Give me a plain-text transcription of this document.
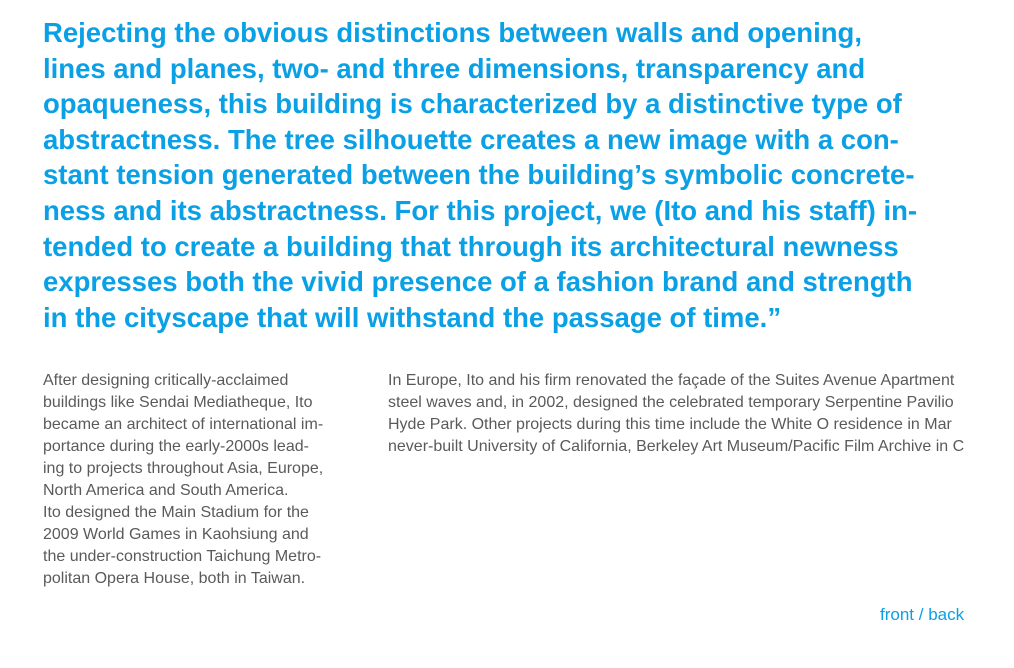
Rejecting the obvious distinctions between walls and opening,
lines and planes, two- and three dimensions, transparency and
opaqueness, this building is characterized by a distinctive type of
abstractness. The tree silhouette creates a new image with a con-
stant tension generated between the building’s symbolic concrete-
ness and its abstractness. For this project, we (Ito and his staff) in-
tended to create a building that through its architectural newness
expresses both the vivid presence of a fashion brand and strength
in the cityscape that will withstand the passage of time.”
After designing critically-acclaimed
buildings like Sendai Mediatheque, Ito
became an architect of international im-
portance during the early-2000s lead-
ing to projects throughout Asia, Europe,
North America and South America.
Ito designed the Main Stadium for the
2009 World Games in Kaohsiung and
the under-construction Taichung Metro-
politan Opera House, both in Taiwan.
In Europe, Ito and his firm renovated the façade of the Suites Avenue Apartment
steel waves and, in 2002, designed the celebrated temporary Serpentine Pavilio
Hyde Park. Other projects during this time include the White O residence in Mar
never-built University of California, Berkeley Art Museum/Pacific Film Archive in C
front / back
